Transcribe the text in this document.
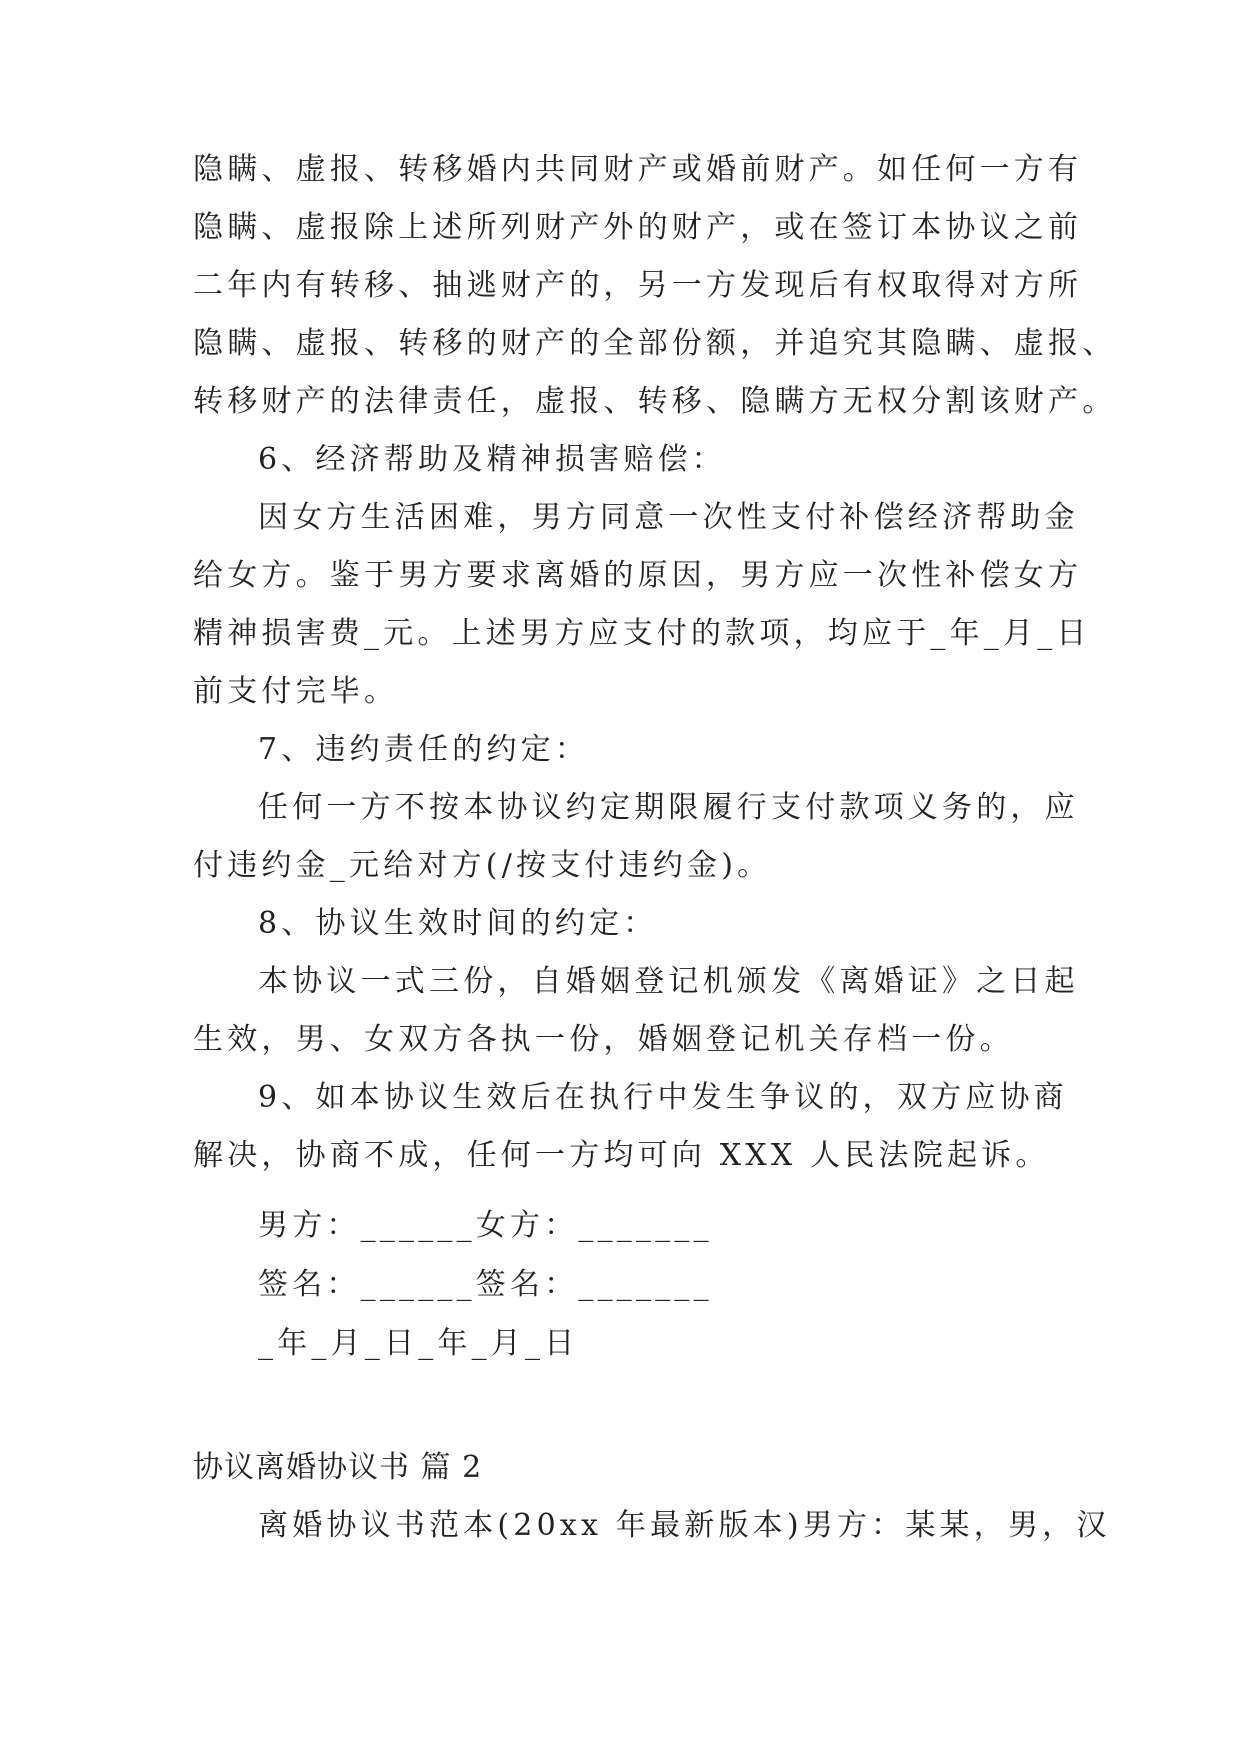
隐瞒、虚报、转移婚内共同财产或婚前财产。如任何一方有
隐瞒、虚报除上述所列财产外的财产，或在签订本协议之前
二年内有转移、抽逃财产的，另一方发现后有权取得对方所
隐瞒、虚报、转移的财产的全部份额，并追究其隐瞒、虚报、
转移财产的法律责任，虚报、转移、隐瞒方无权分割该财产。
6、经济帮助及精神损害赔偿：
因女方生活困难，男方同意一次性支付补偿经济帮助金
给女方。鉴于男方要求离婚的原因，男方应一次性补偿女方
精神损害费_元。上述男方应支付的款项，均应于_年_月_日
前支付完毕。
7、违约责任的约定：
任何一方不按本协议约定期限履行支付款项义务的，应
付违约金_元给对方(/按支付违约金)。
8、协议生效时间的约定：
本协议一式三份，自婚姻登记机颁发《离婚证》之日起
生效，男、女双方各执一份，婚姻登记机关存档一份。
9、如本协议生效后在执行中发生争议的，双方应协商
解决，协商不成，任何一方均可向 XXX 人民法院起诉。
男方：______女方：_______
签名：______签名：_______
_年_月_日_年_月_日
协议离婚协议书 篇 2
离婚协议书范本(20xx 年最新版本)男方：某某，男，汉
